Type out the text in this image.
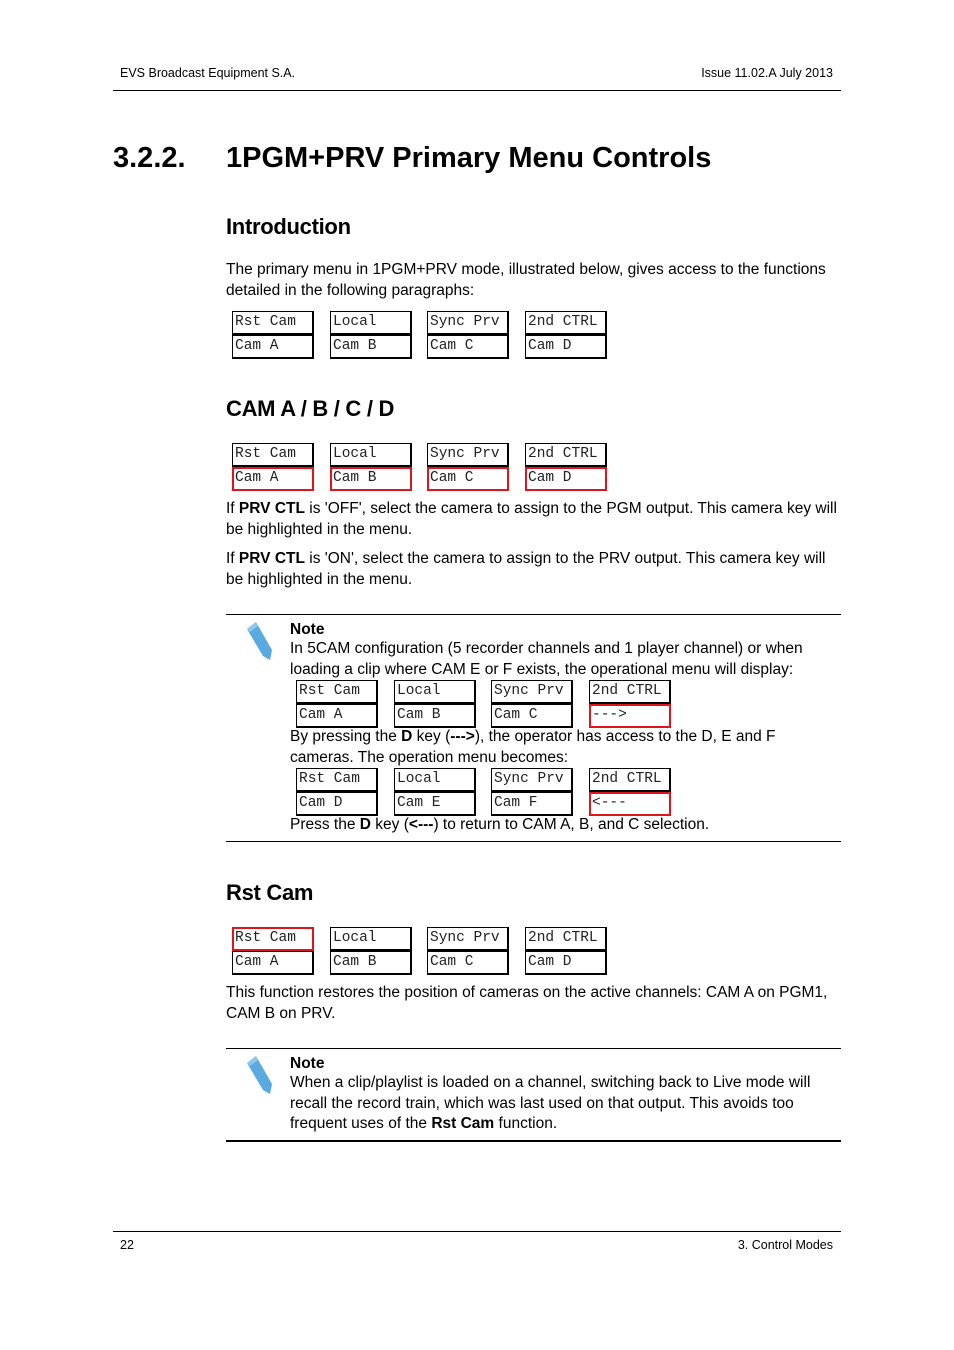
EVS Broadcast Equipment S.A.	Issue 11.02.A July 2013
3.2.2. 1PGM+PRV Primary Menu Controls
Introduction
The primary menu in 1PGM+PRV mode, illustrated below, gives access to the functions detailed in the following paragraphs:
Rst Cam	Local	Sync Prv	2nd CTRL
Cam A	Cam B	Cam C	Cam D
CAM A / B / C / D
Rst Cam	Local	Sync Prv	2nd CTRL
Cam A	Cam B	Cam C	Cam D
If PRV CTL is 'OFF', select the camera to assign to the PGM output. This camera key will be highlighted in the menu.
If PRV CTL is 'ON', select the camera to assign to the PRV output. This camera key will be highlighted in the menu.
Note
In 5CAM configuration (5 recorder channels and 1 player channel) or when loading a clip where CAM E or F exists, the operational menu will display:
Rst Cam	Local	Sync Prv	2nd CTRL
Cam A	Cam B	Cam C	--->
By pressing the D key (--->), the operator has access to the D, E and F cameras. The operation menu becomes:
Rst Cam	Local	Sync Prv	2nd CTRL
Cam D	Cam E	Cam F	<---
Press the D key (<---) to return to CAM A, B, and C selection.
Rst Cam
Rst Cam	Local	Sync Prv	2nd CTRL
Cam A	Cam B	Cam C	Cam D
This function restores the position of cameras on the active channels: CAM A on PGM1, CAM B on PRV.
Note
When a clip/playlist is loaded on a channel, switching back to Live mode will recall the record train, which was last used on that output. This avoids too frequent uses of the Rst Cam function.
22	3. Control Modes
